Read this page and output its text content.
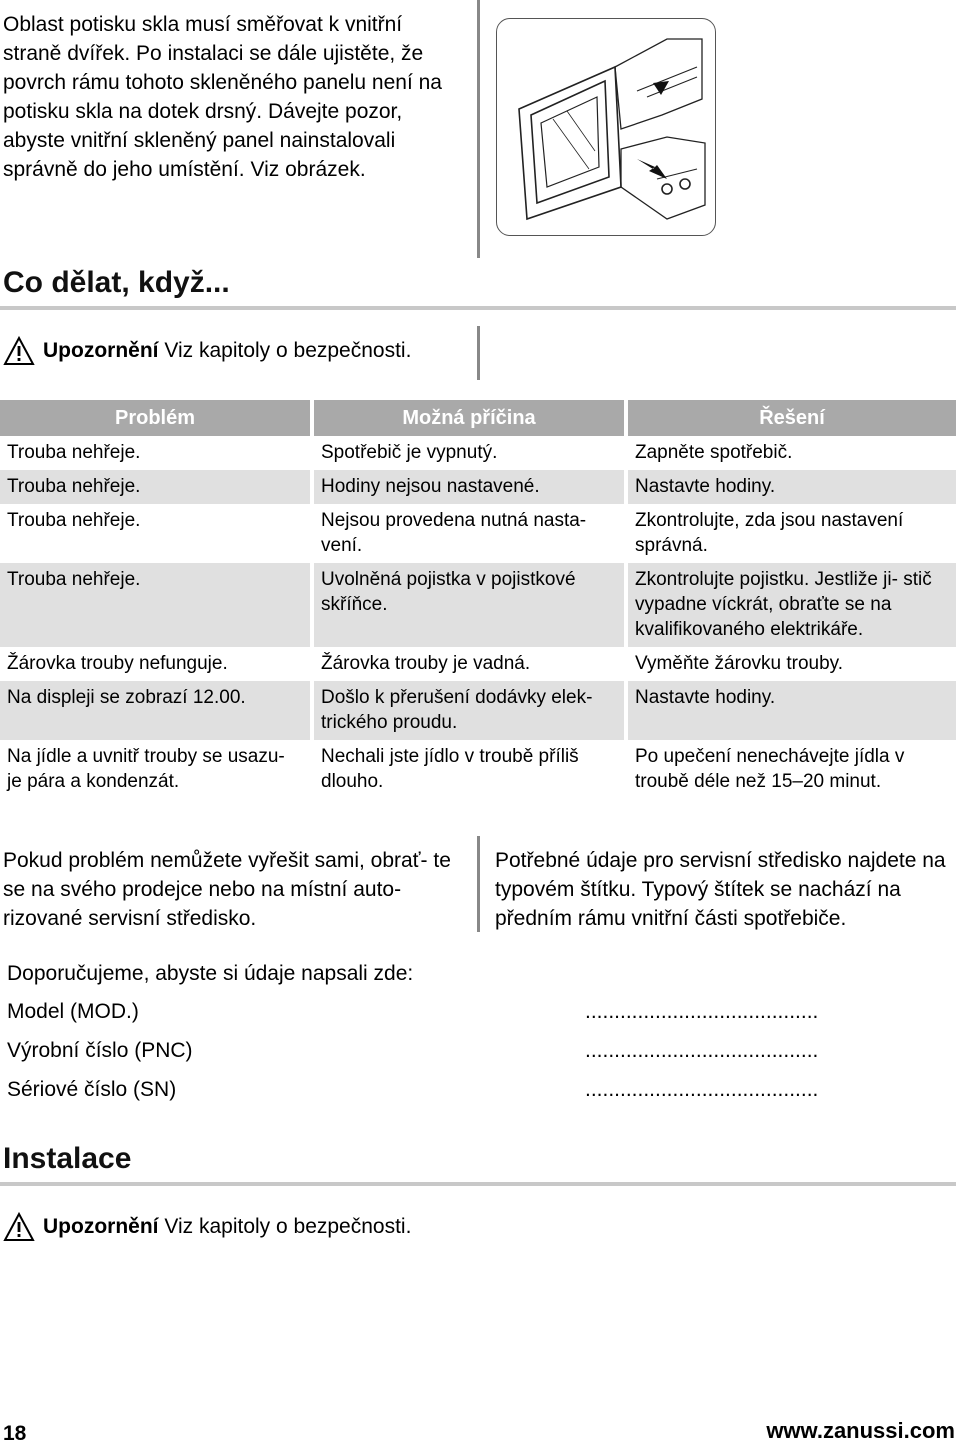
Oblast potisku skla musí směřovat k vnitřní straně dvířek. Po instalaci se dále ujistěte, že povrch rámu tohoto skleněného panelu není na potisku skla na dotek drsný. Dávejte pozor, abyste vnitřní skleněný panel nainstalovali správně do jeho umístění. Viz obrázek.
Co dělat, když...
Upozornění Viz kapitoly o bezpečnosti.
Problém	Možná příčina	Řešení
Trouba nehřeje.	Spotřebič je vypnutý.	Zapněte spotřebič.
Trouba nehřeje.	Hodiny nejsou nastavené.	Nastavte hodiny.
Trouba nehřeje.	Nejsou provedena nutná nasta- vení.	Zkontrolujte, zda jsou nastavení správná.
Trouba nehřeje.	Uvolněná pojistka v pojistkové skříňce.	Zkontrolujte pojistku. Jestliže ji- stič vypadne víckrát, obraťte se na kvalifikovaného elektrikáře.
Žárovka trouby nefunguje.	Žárovka trouby je vadná.	Vyměňte žárovku trouby.
Na displeji se zobrazí 12.00.	Došlo k přerušení dodávky elek- trického proudu.	Nastavte hodiny.
Na jídle a uvnitř trouby se usazu- je pára a kondenzát.	Nechali jste jídlo v troubě příliš dlouho.	Po upečení nenechávejte jídla v troubě déle než 15–20 minut.
Pokud problém nemůžete vyřešit sami, obrať- te se na svého prodejce nebo na místní auto- rizované servisní středisko.
Potřebné údaje pro servisní středisko najdete na typovém štítku. Typový štítek se nachází na předním rámu vnitřní části spotřebiče.
Doporučujeme, abyste si údaje napsali zde:
Model (MOD.)	........................................
Výrobní číslo (PNC)	........................................
Sériové číslo (SN)	........................................
Instalace
Upozornění Viz kapitoly o bezpečnosti.
18	www.zanussi.com
